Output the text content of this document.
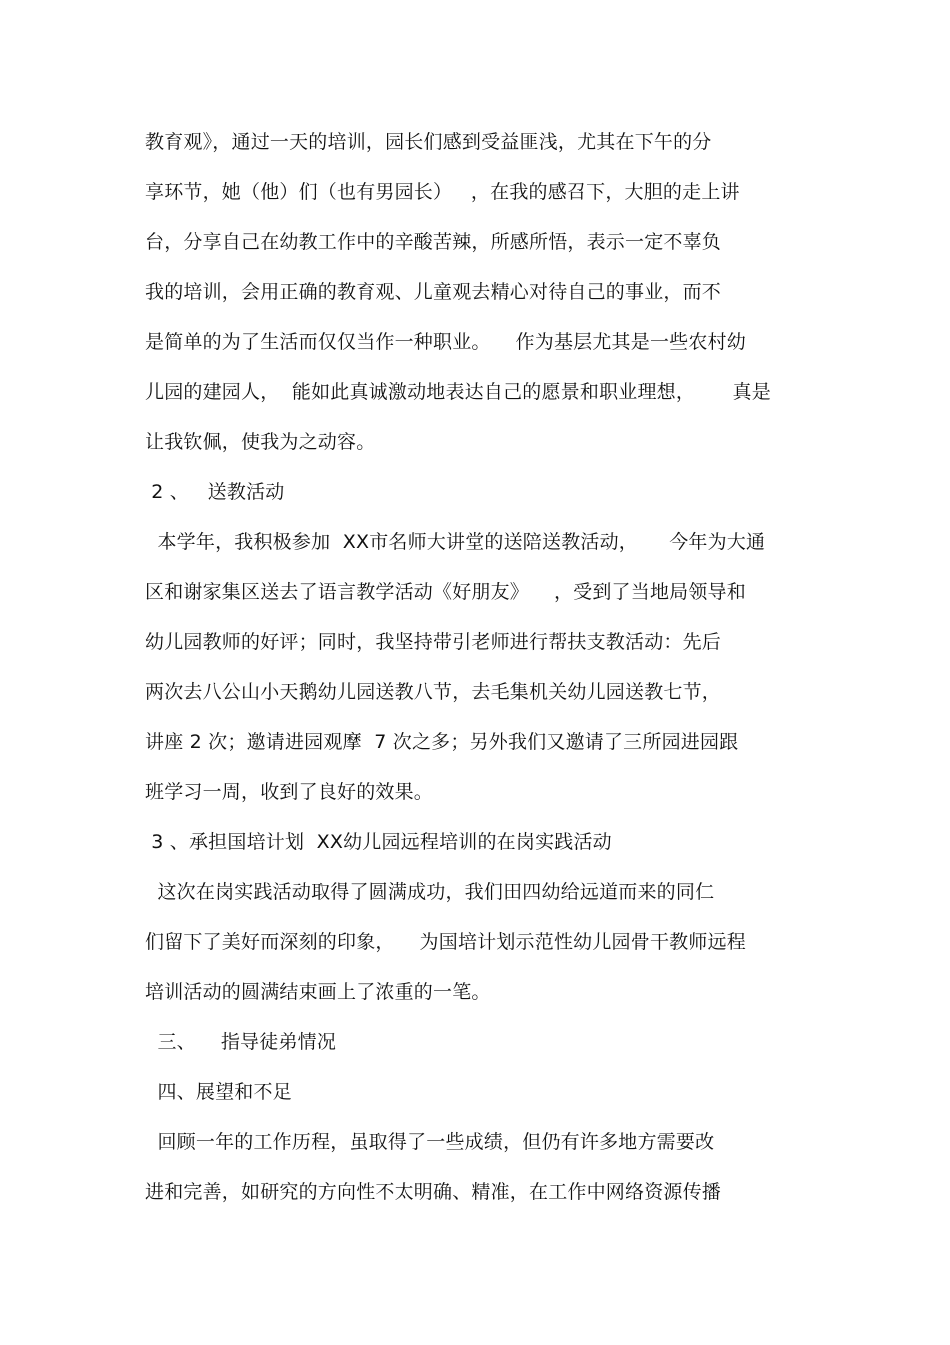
教育观》，通过一天的培训，园长们感到受益匪浅，尤其在下午的分
享环节，她（他）们（也有男园长）   ，在我的感召下，大胆的走上讲
台，分享自己在幼教工作中的辛酸苦辣，所感所悟，表示一定不辜负
我的培训，会用正确的教育观、儿童观去精心对待自己的事业，而不
是简单的为了生活而仅仅当作一种职业。    作为基层尤其是一些农村幼
儿园的建园人，  能如此真诚激动地表达自己的愿景和职业理想，      真是
让我钦佩，使我为之动容。
2 、   送教活动
本学年，我积极参加  XX市名师大讲堂的送陪送教活动，     今年为大通
区和谢家集区送去了语言教学活动《好朋友》    ，受到了当地局领导和
幼儿园教师的好评；同时，我坚持带引老师进行帮扶支教活动：先后
两次去八公山小天鹅幼儿园送教八节，去毛集机关幼儿园送教七节，
讲座 2 次；邀请进园观摩  7 次之多；另外我们又邀请了三所园进园跟
班学习一周，收到了良好的效果。
3 、承担国培计划  XX幼儿园远程培训的在岗实践活动
这次在岗实践活动取得了圆满成功，我们田四幼给远道而来的同仁
们留下了美好而深刻的印象，    为国培计划示范性幼儿园骨干教师远程
培训活动的圆满结束画上了浓重的一笔。
三、    指导徒弟情况
四、展望和不足
回顾一年的工作历程，虽取得了一些成绩，但仍有许多地方需要改
进和完善，如研究的方向性不太明确、精准，在工作中网络资源传播
